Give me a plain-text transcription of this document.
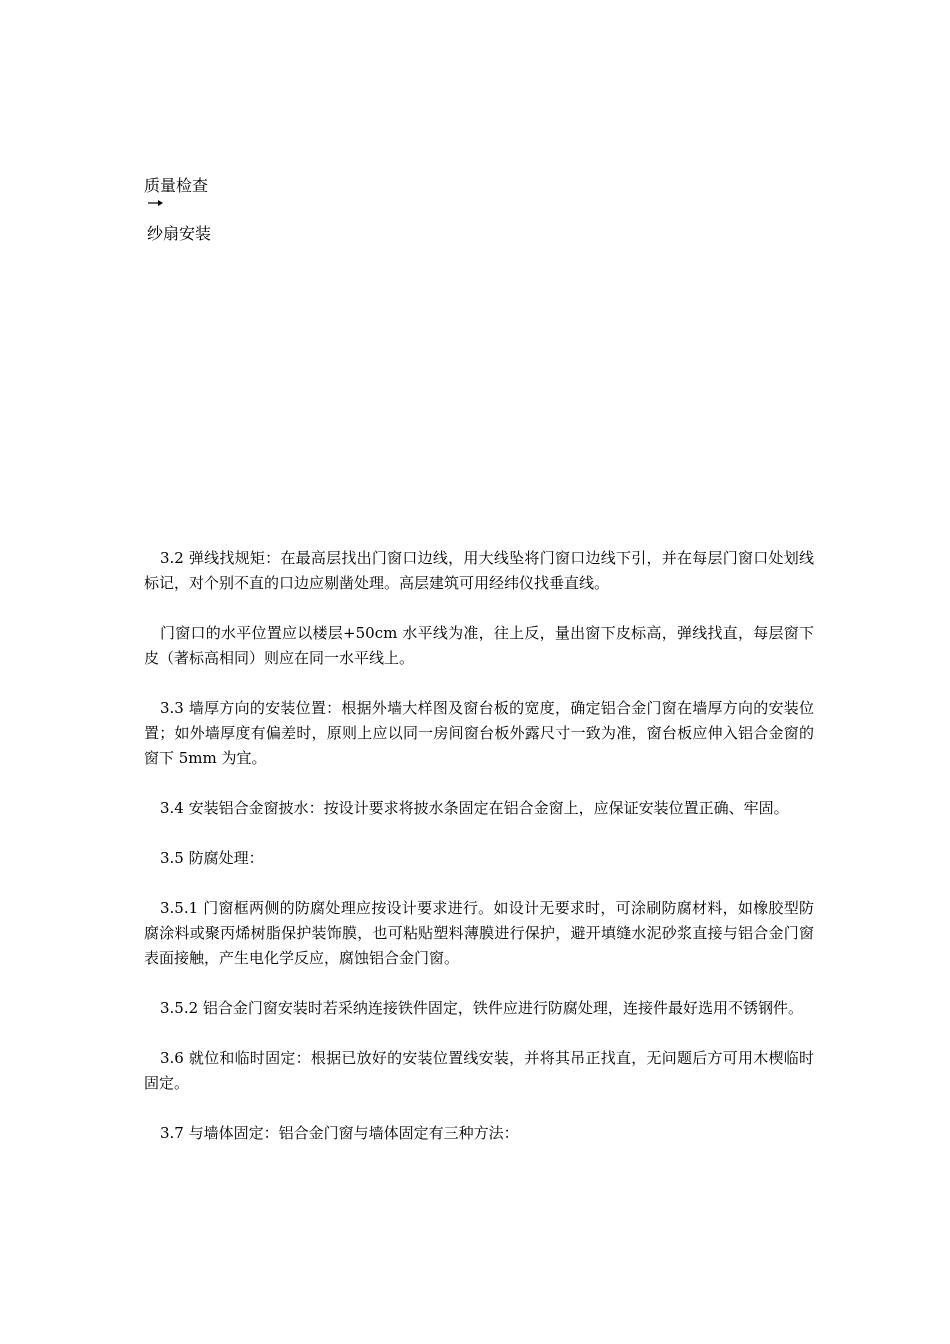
质量检查
纱扇安装

3.2 弹线找规矩：在最高层找出门窗口边线，用大线坠将门窗口边线下引，并在每层门窗口处划线标记，对个别不直的口边应剔凿处理。高层建筑可用经纬仪找垂直线。

门窗口的水平位置应以楼层+50cm 水平线为准，往上反，量出窗下皮标高，弹线找直，每层窗下皮（著标高相同）则应在同一水平线上。

3.3 墙厚方向的安装位置：根据外墙大样图及窗台板的宽度，确定铝合金门窗在墙厚方向的安装位置；如外墙厚度有偏差时，原则上应以同一房间窗台板外露尺寸一致为准，窗台板应伸入铝合金窗的窗下 5mm 为宜。

3.4 安装铝合金窗披水：按设计要求将披水条固定在铝合金窗上，应保证安装位置正确、牢固。

3.5 防腐处理：

3.5.1 门窗框两侧的防腐处理应按设计要求进行。如设计无要求时，可涂刷防腐材料，如橡胶型防腐涂料或聚丙烯树脂保护装饰膜，也可粘贴塑料薄膜进行保护，避开填缝水泥砂浆直接与铝合金门窗表面接触，产生电化学反应，腐蚀铝合金门窗。

3.5.2 铝合金门窗安装时若采纳连接铁件固定，铁件应进行防腐处理，连接件最好选用不锈钢件。

3.6 就位和临时固定：根据已放好的安装位置线安装，并将其吊正找直，无问题后方可用木楔临时固定。

3.7 与墙体固定：铝合金门窗与墙体固定有三种方法：
